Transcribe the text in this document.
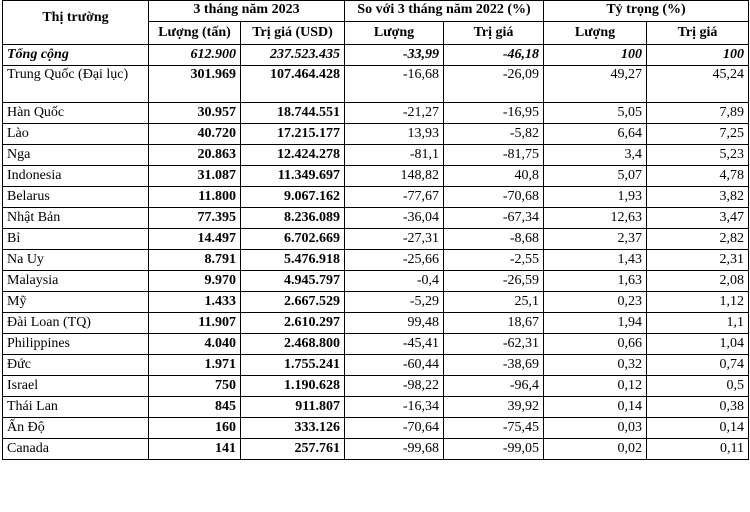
Thị trường	3 tháng năm 2023		So với 3 tháng năm 2022 (%)		Tỷ trọng (%)	
	Lượng (tấn)	Trị giá (USD)	Lượng	Trị giá	Lượng	Trị giá
Tổng cộng	612.900	237.523.435	-33,99	-46,18	100	100
Trung Quốc (Đại lục)	301.969	107.464.428	-16,68	-26,09	49,27	45,24
Hàn Quốc	30.957	18.744.551	-21,27	-16,95	5,05	7,89
Lào	40.720	17.215.177	13,93	-5,82	6,64	7,25
Nga	20.863	12.424.278	-81,1	-81,75	3,4	5,23
Indonesia	31.087	11.349.697	148,82	40,8	5,07	4,78
Belarus	11.800	9.067.162	-77,67	-70,68	1,93	3,82
Nhật Bản	77.395	8.236.089	-36,04	-67,34	12,63	3,47
Bỉ	14.497	6.702.669	-27,31	-8,68	2,37	2,82
Na Uy	8.791	5.476.918	-25,66	-2,55	1,43	2,31
Malaysia	9.970	4.945.797	-0,4	-26,59	1,63	2,08
Mỹ	1.433	2.667.529	-5,29	25,1	0,23	1,12
Đài Loan (TQ)	11.907	2.610.297	99,48	18,67	1,94	1,1
Philippines	4.040	2.468.800	-45,41	-62,31	0,66	1,04
Đức	1.971	1.755.241	-60,44	-38,69	0,32	0,74
Israel	750	1.190.628	-98,22	-96,4	0,12	0,5
Thái Lan	845	911.807	-16,34	39,92	0,14	0,38
Ấn Độ	160	333.126	-70,64	-75,45	0,03	0,14
Canada	141	257.761	-99,68	-99,05	0,02	0,11
